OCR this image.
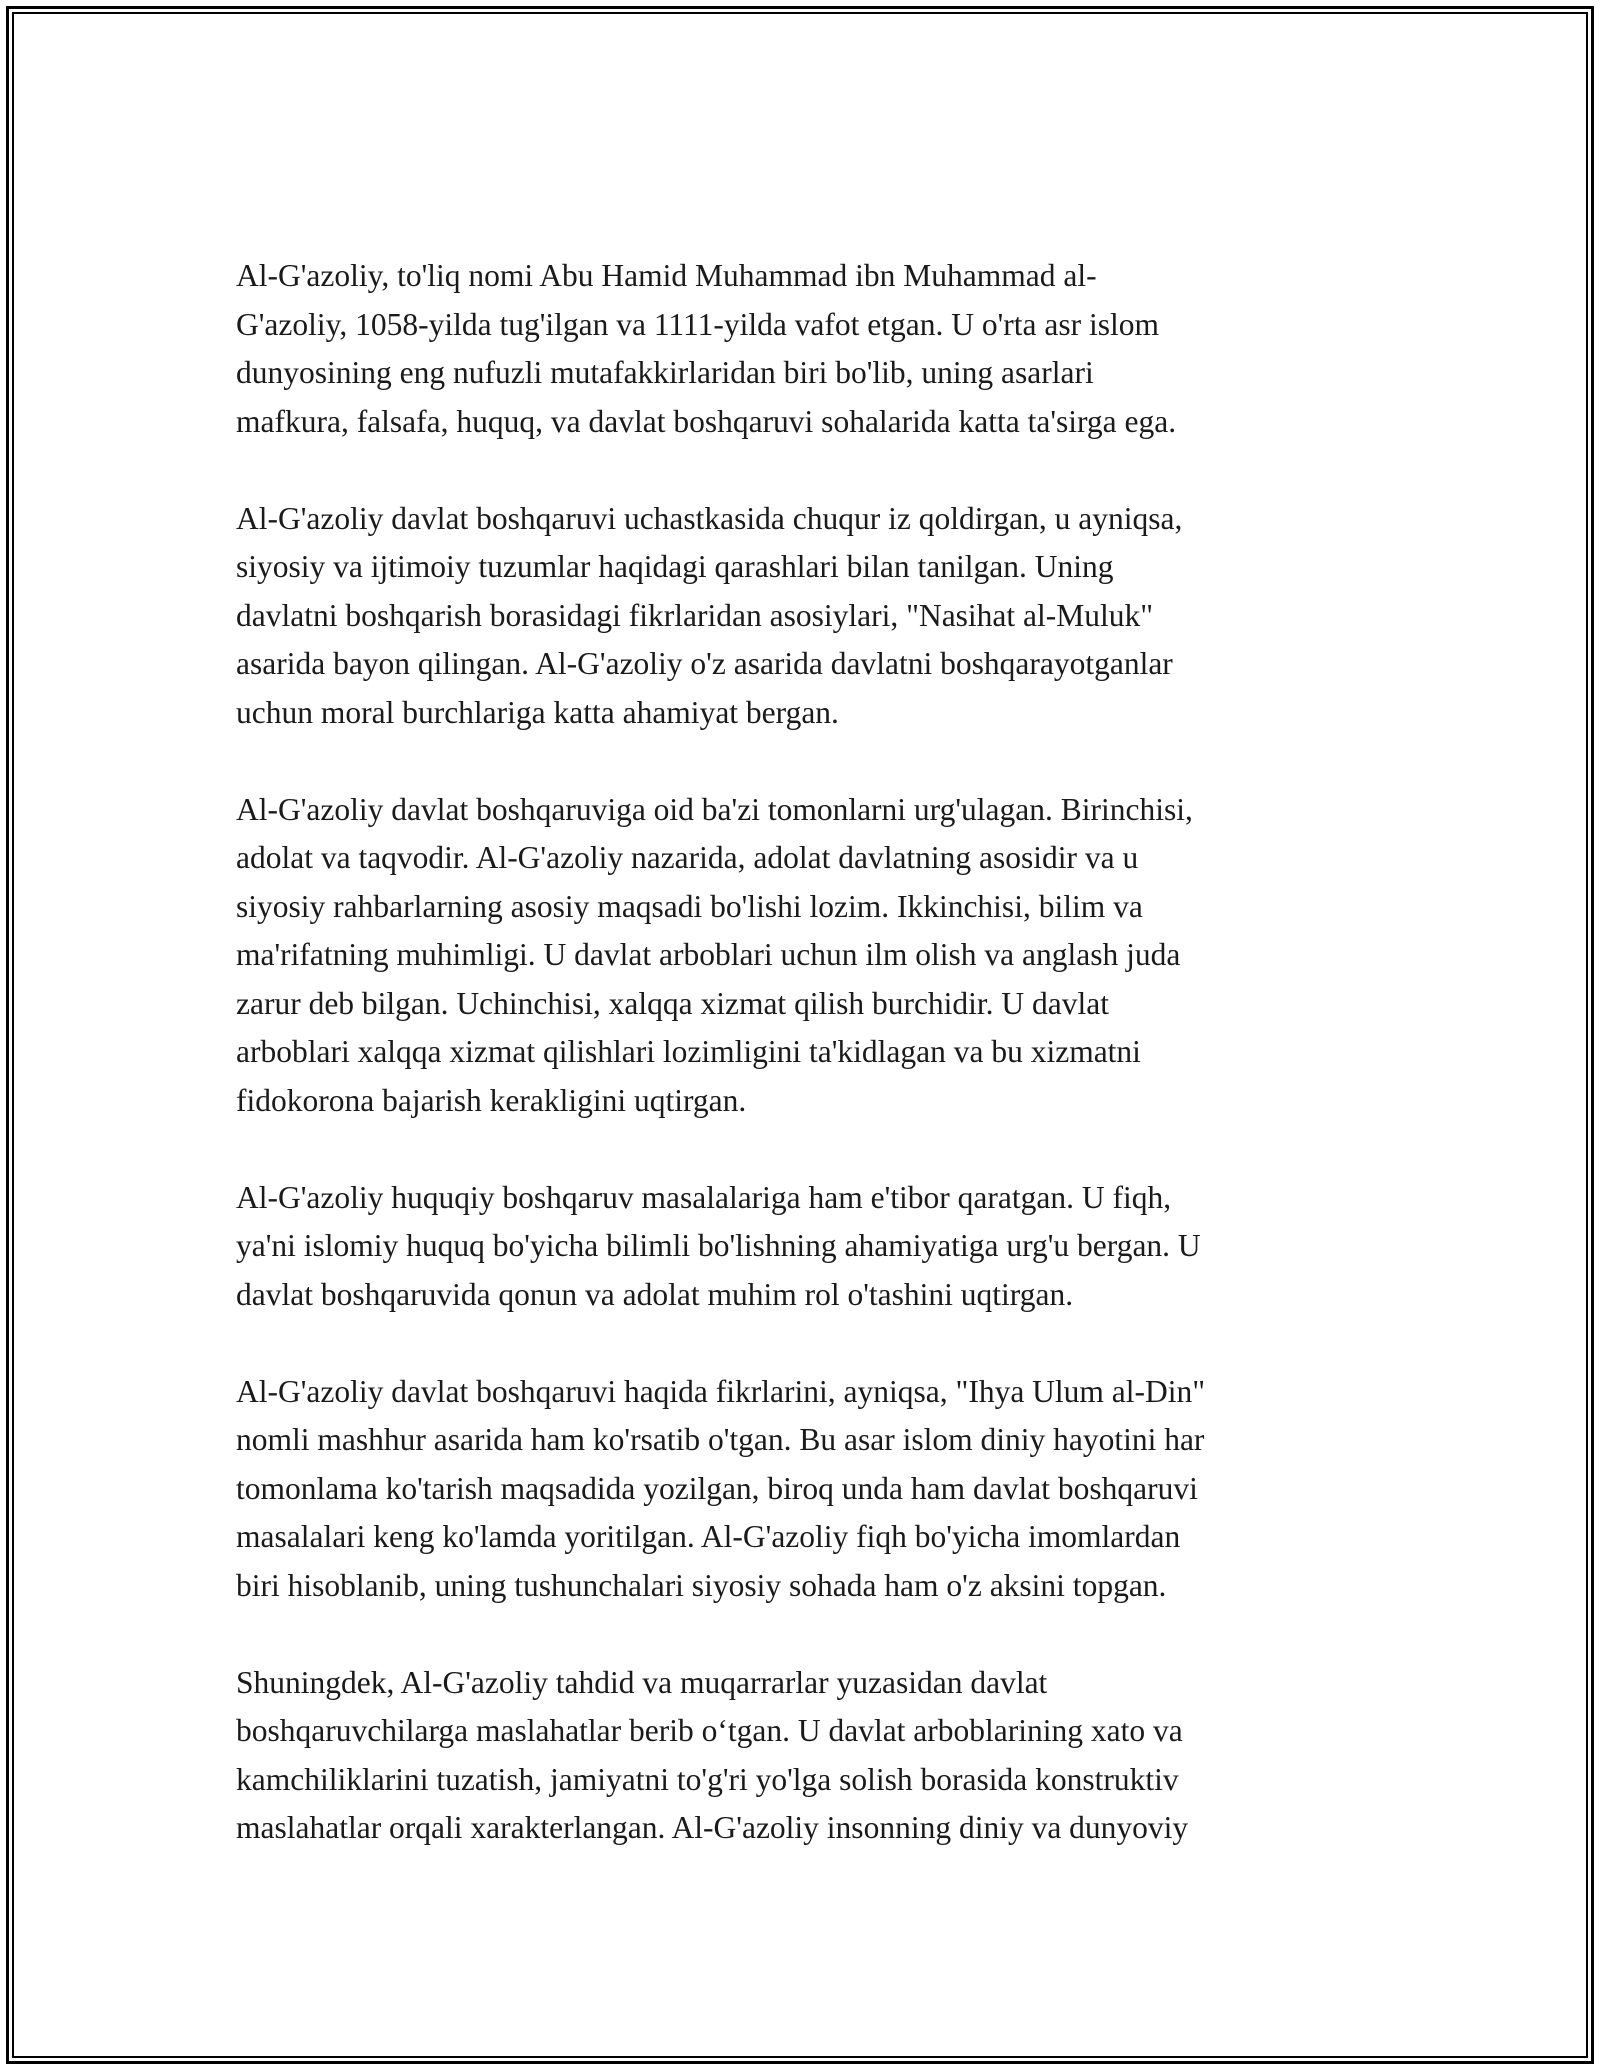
Al-G'azoliy, to'liq nomi Abu Hamid Muhammad ibn Muhammad al-
G'azoliy, 1058-yilda tug'ilgan va 1111-yilda vafot etgan. U o'rta asr islom
dunyosining eng nufuzli mutafakkirlaridan biri bo'lib, uning asarlari
mafkura, falsafa, huquq, va davlat boshqaruvi sohalarida katta ta'sirga ega.

Al-G'azoliy davlat boshqaruvi uchastkasida chuqur iz qoldirgan, u ayniqsa,
siyosiy va ijtimoiy tuzumlar haqidagi qarashlari bilan tanilgan. Uning
davlatni boshqarish borasidagi fikrlaridan asosiylari, "Nasihat al-Muluk"
asarida bayon qilingan. Al-G'azoliy o'z asarida davlatni boshqarayotganlar
uchun moral burchlariga katta ahamiyat bergan.

Al-G'azoliy davlat boshqaruviga oid ba'zi tomonlarni urg'ulagan. Birinchisi,
adolat va taqvodir. Al-G'azoliy nazarida, adolat davlatning asosidir va u
siyosiy rahbarlarning asosiy maqsadi bo'lishi lozim. Ikkinchisi, bilim va
ma'rifatning muhimligi. U davlat arboblari uchun ilm olish va anglash juda
zarur deb bilgan. Uchinchisi, xalqqa xizmat qilish burchidir. U davlat
arboblari xalqqa xizmat qilishlari lozimligini ta'kidlagan va bu xizmatni
fidokorona bajarish kerakligini uqtirgan.

Al-G'azoliy huquqiy boshqaruv masalalariga ham e'tibor qaratgan. U fiqh,
ya'ni islomiy huquq bo'yicha bilimli bo'lishning ahamiyatiga urg'u bergan. U
davlat boshqaruvida qonun va adolat muhim rol o'tashini uqtirgan.

Al-G'azoliy davlat boshqaruvi haqida fikrlarini, ayniqsa, "Ihya Ulum al-Din"
nomli mashhur asarida ham ko'rsatib o'tgan. Bu asar islom diniy hayotini har
tomonlama ko'tarish maqsadida yozilgan, biroq unda ham davlat boshqaruvi
masalalari keng ko'lamda yoritilgan. Al-G'azoliy fiqh bo'yicha imomlardan
biri hisoblanib, uning tushunchalari siyosiy sohada ham o'z aksini topgan.

Shuningdek, Al-G'azoliy tahdid va muqarrarlar yuzasidan davlat
boshqaruvchilarga maslahatlar berib o‘tgan. U davlat arboblarining xato va
kamchiliklarini tuzatish, jamiyatni to'g'ri yo'lga solish borasida konstruktiv
maslahatlar orqali xarakterlangan. Al-G'azoliy insonning diniy va dunyoviy
